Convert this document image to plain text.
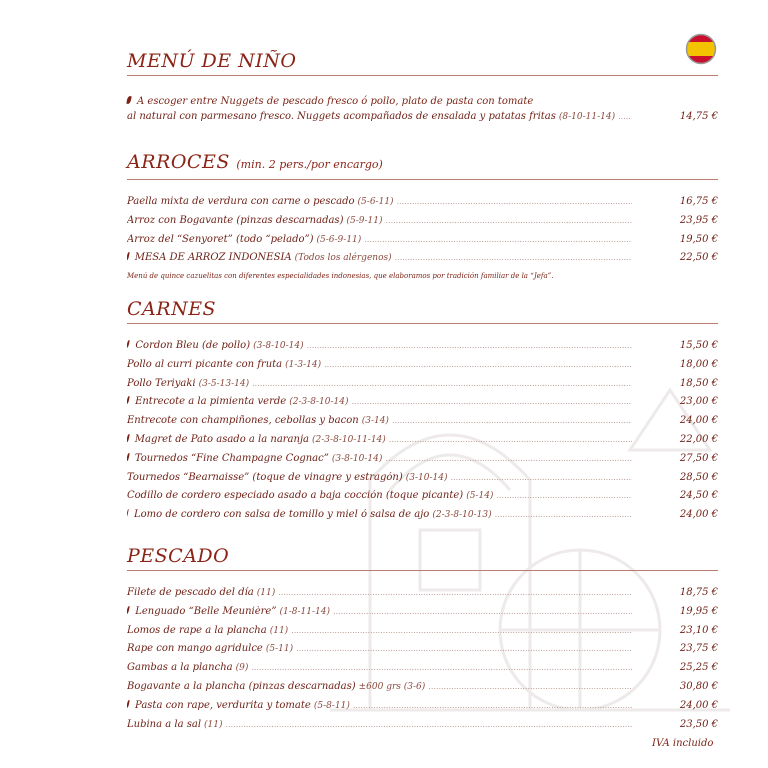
MENÚ DE NIÑO
A escoger entre Nuggets de pescado fresco ó pollo, plato de pasta con tomate
al natural con parmesano fresco. Nuggets acompañados de ensalada y patatas fritas (8-10-11-14) .....	14,75 €
ARROCES (min. 2 pers./por encargo)
Paella mixta de verdura con carne o pescado (5-6-11) .....	16,75 €
Arroz con Bogavante (pinzas descarnadas) (5-9-11) .....	23,95 €
Arroz del “Senyoret” (todo “pelado”) (5-6-9-11) .....	19,50 €
MESA DE ARROZ INDONESIA (Todos los alérgenos) .....	22,50 €
Menú de quince cazuelitas con diferentes especialidades indonesias, que elaboramos por tradición familiar de la “Jefa”.
CARNES
Cordon Bleu (de pollo) (3-8-10-14) .....	15,50 €
Pollo al curri picante con fruta (1-3-14) .....	18,00 €
Pollo Teriyaki (3-5-13-14) .....	18,50 €
Entrecote a la pimienta verde (2-3-8-10-14) .....	23,00 €
Entrecote con champiñones, cebollas y bacon (3-14) .....	24,00 €
Magret de Pato asado a la naranja (2-3-8-10-11-14) .....	22,00 €
Tournedos “Fine Champagne Cognac” (3-8-10-14) .....	27,50 €
Tournedos “Bearnaisse” (toque de vinagre y estragón) (3-10-14) .....	28,50 €
Codillo de cordero especiado asado a baja cocción (toque picante) (5-14) .....	24,50 €
Lomo de cordero con salsa de tomillo y miel ó salsa de ajo (2-3-8-10-13) .....	24,00 €
PESCADO
Filete de pescado del día (11) .....	18,75 €
Lenguado “Belle Meunière” (1-8-11-14) .....	19,95 €
Lomos de rape a la plancha (11) .....	23,10 €
Rape con mango agridulce (5-11) .....	23,75 €
Gambas a la plancha (9) .....	25,25 €
Bogavante a la plancha (pinzas descarnadas) ±600 grs (3-6) .....	30,80 €
Pasta con rape, verdurita y tomate (5-8-11) .....	24,00 €
Lubina a la sal (11) .....	23,50 €
IVA incluido
